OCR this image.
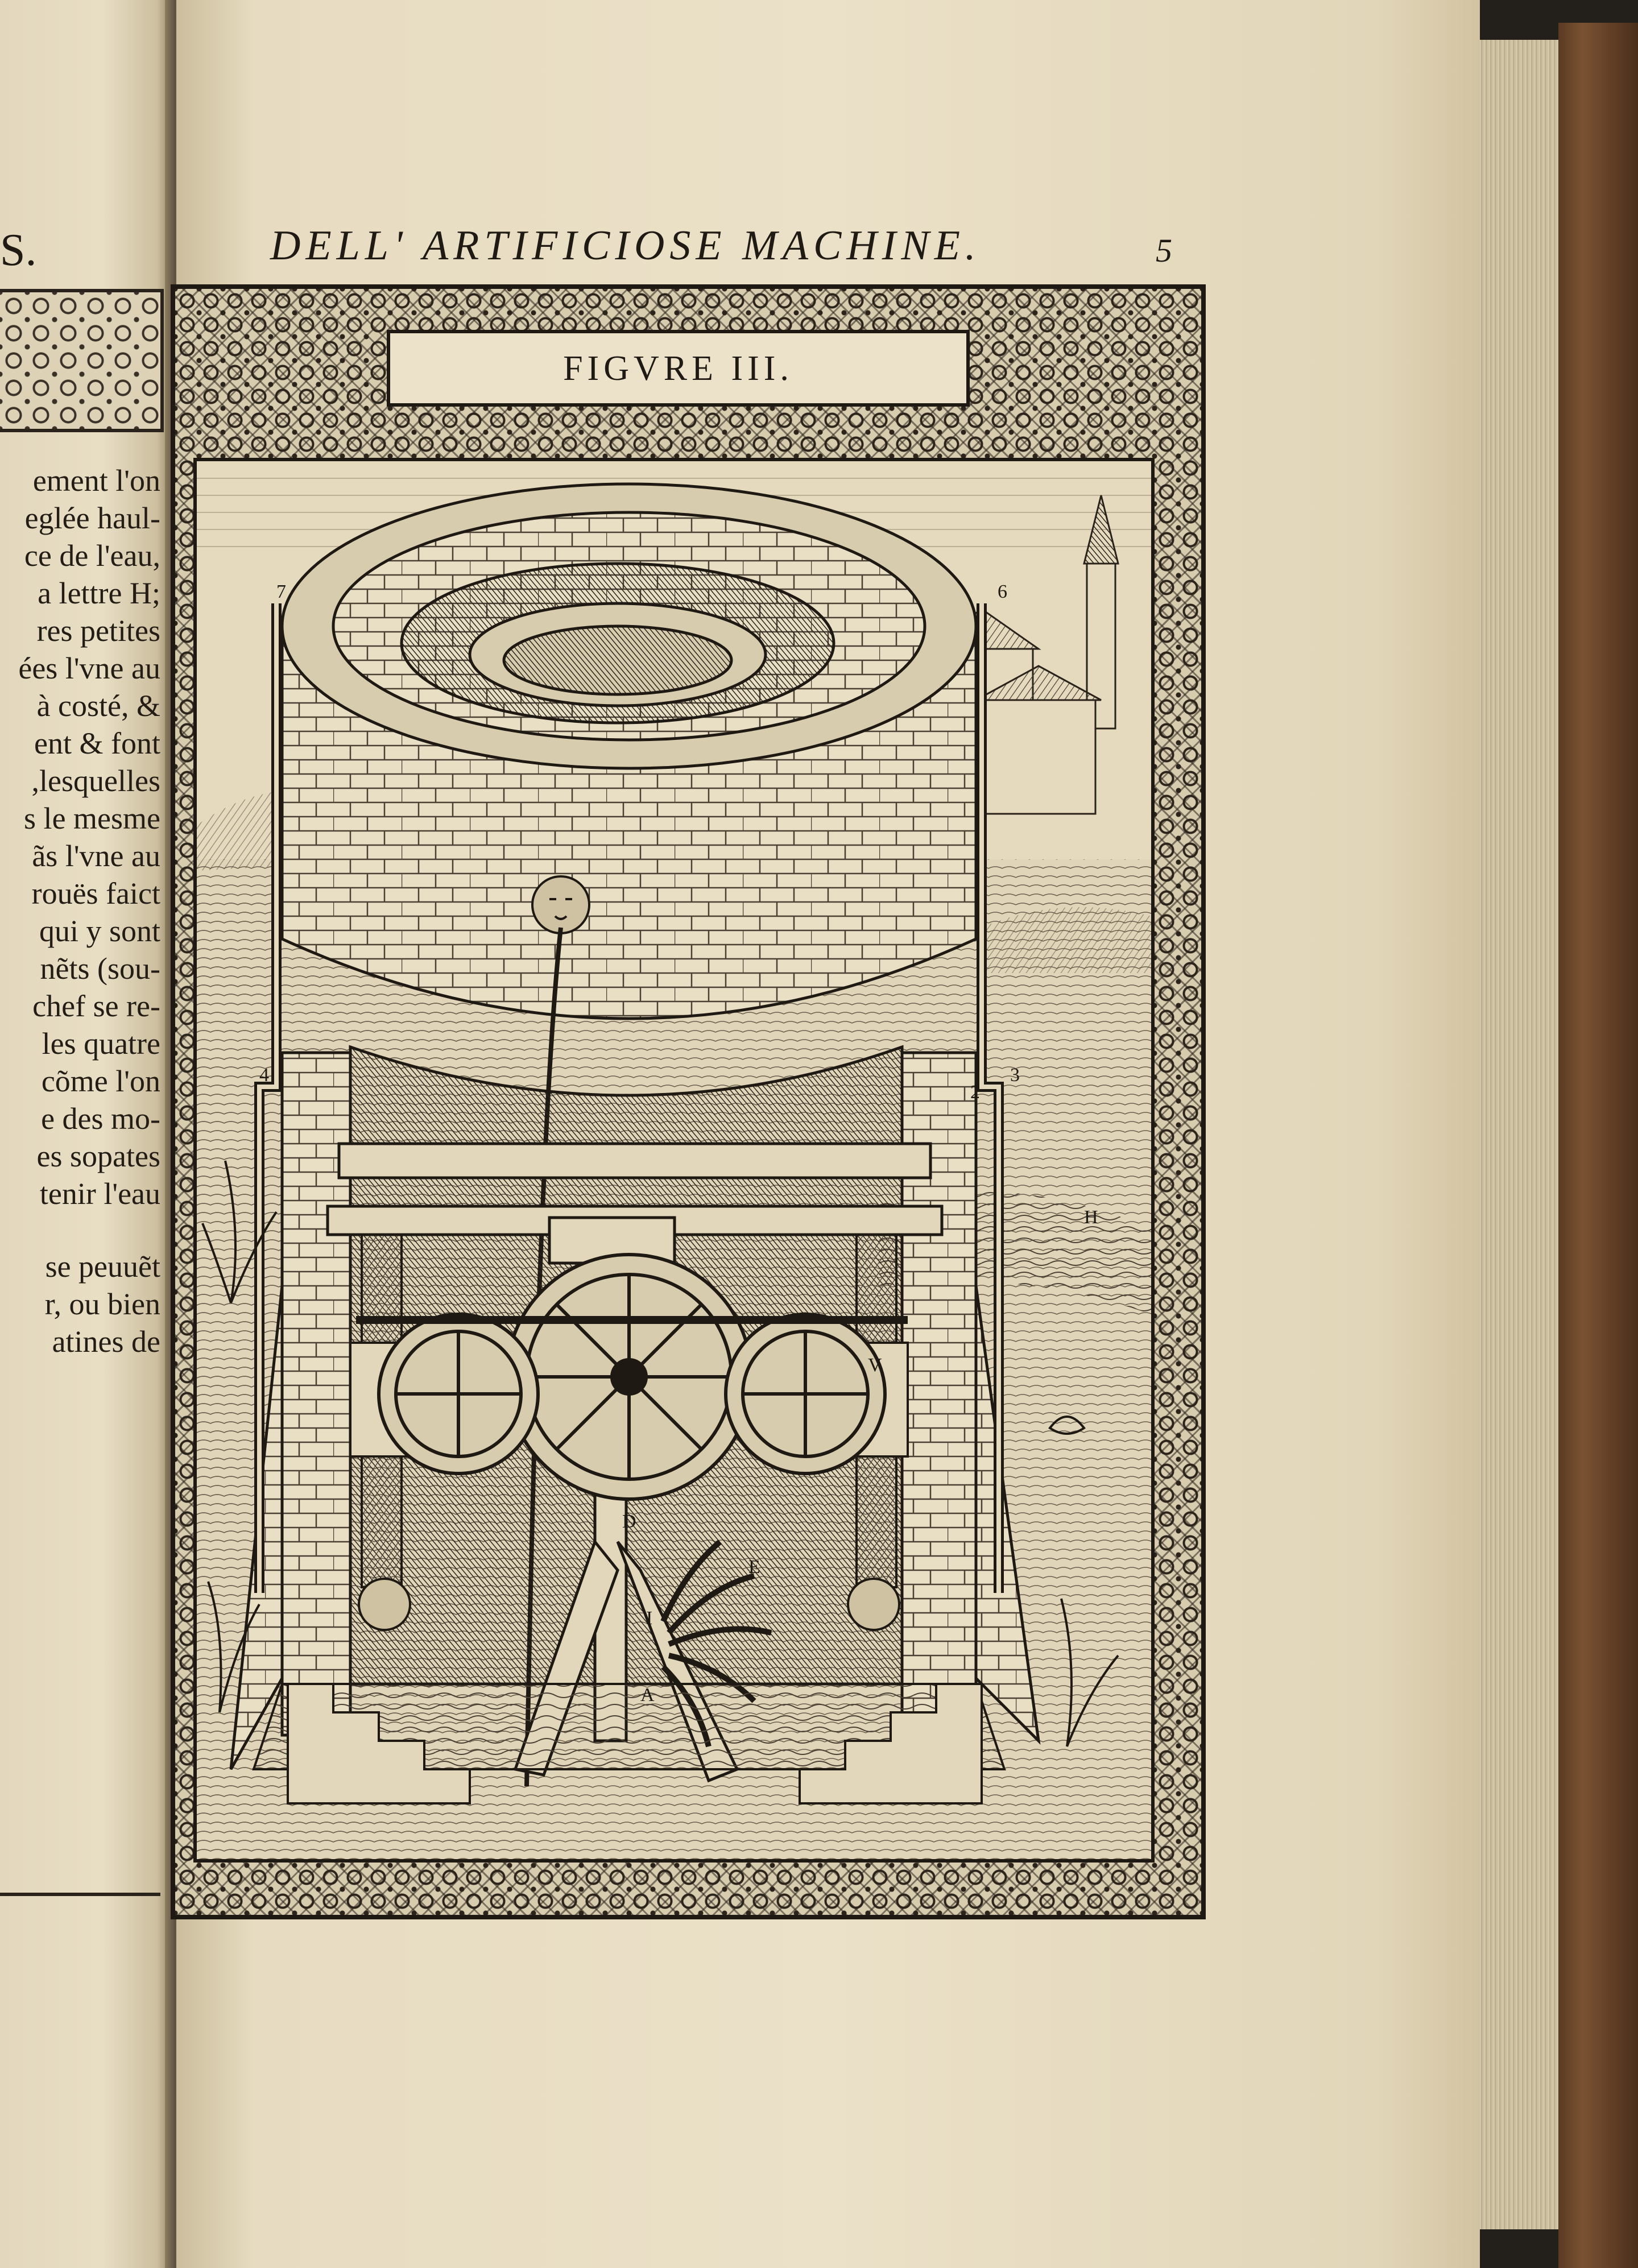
S.
ement l'on
eglée haul-
ce de l'eau,
a lettre H;
res petites
ées l'vne au
à costé, &
ent & font
,lesquelles
s le mesme
ãs l'vne au
rouës faict
qui y sont
nẽts (sou-
chef se re-
les quatre
cõme l'on
e des mo-
es sopates
tenir l'eau
se peuuẽt
r, ou bien
atines de
DELL' ARTIFICIOSE MACHINE.	5
FIGVRE III.
H
D
E
I
A
V
2
6
4
7
3
